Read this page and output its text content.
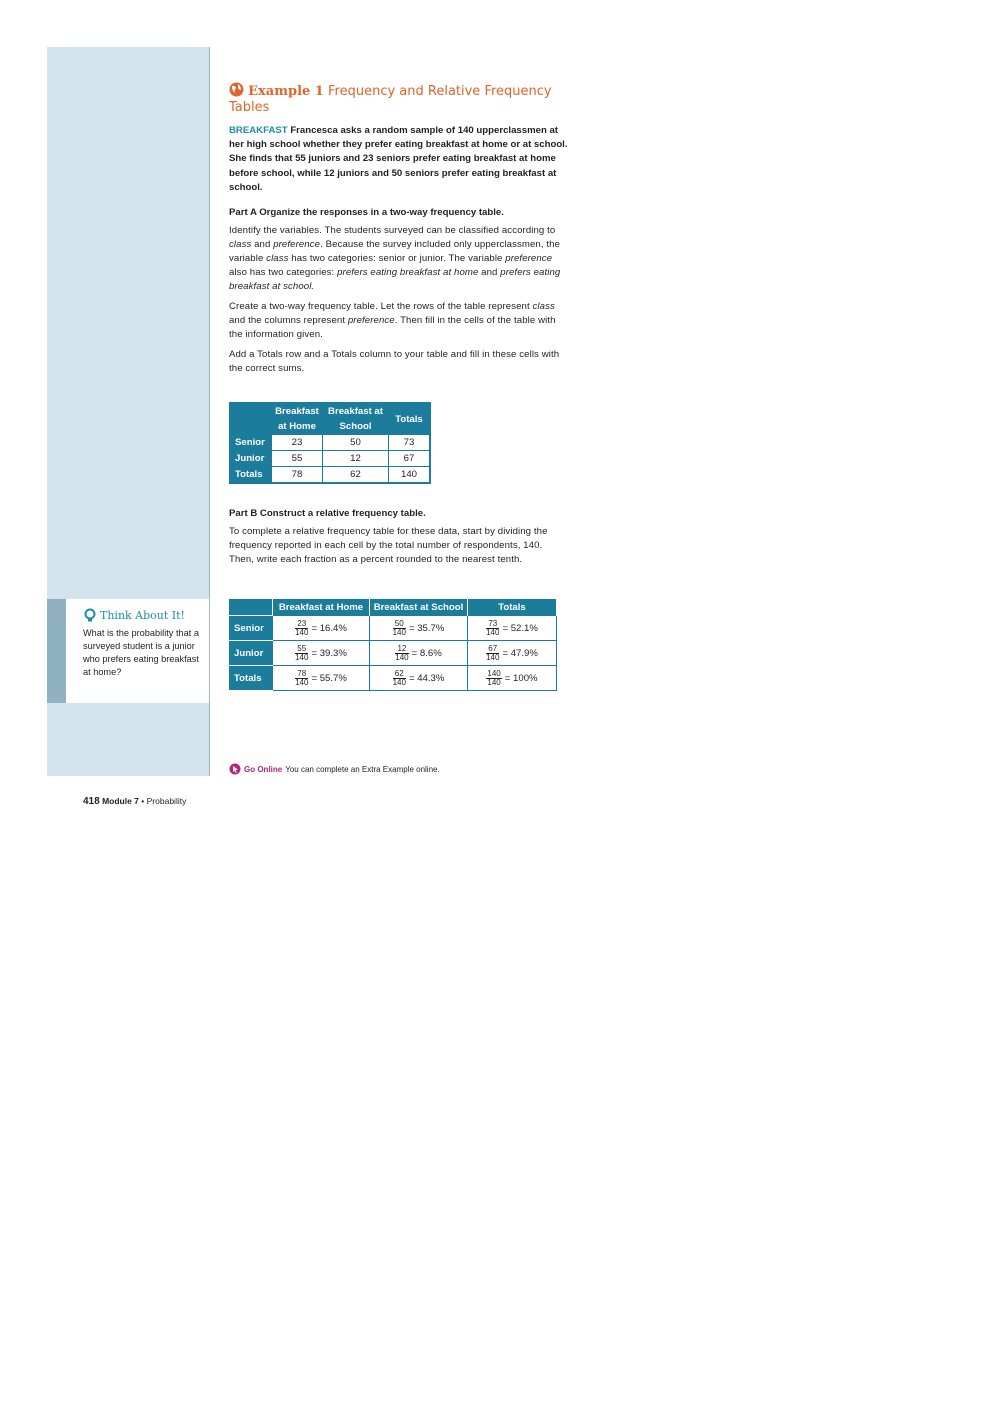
Think About It!
What is the probability that a surveyed student is a junior who prefers eating breakfast at home?
Example 1 Frequency and Relative Frequency Tables
BREAKFAST Francesca asks a random sample of 140 upperclassmen at her high school whether they prefer eating breakfast at home or at school. She finds that 55 juniors and 23 seniors prefer eating breakfast at home before school, while 12 juniors and 50 seniors prefer eating breakfast at school.
Part A Organize the responses in a two-way frequency table.

Identify the variables. The students surveyed can be classified according to class and preference. Because the survey included only upperclassmen, the variable class has two categories: senior or junior. The variable preference also has two categories: prefers eating breakfast at home and prefers eating breakfast at school.

Create a two-way frequency table. Let the rows of the table represent class and the columns represent preference. Then fill in the cells of the table with the information given.

Add a Totals row and a Totals column to your table and fill in these cells with the correct sums.

	Breakfast at Home	Breakfast at School	Totals
Senior	23	50	73
Junior	55	12	67
Totals	78	62	140
Part B Construct a relative frequency table.

To complete a relative frequency table for these data, start by dividing the frequency reported in each cell by the total number of respondents, 140. Then, write each fraction as a percent rounded to the nearest tenth.

	Breakfast at Home	Breakfast at School	Totals
Senior	$\frac{23}{140} = 16.4\%$	$\frac{50}{140} = 35.7\%$	$\frac{73}{140} = 52.1\%$
Junior	$\frac{55}{140} = 39.3\%$	$\frac{12}{140} = 8.6\%$	$\frac{67}{140} = 47.9\%$
Totals	$\frac{78}{140} = 55.7\%$	$\frac{62}{140} = 44.3\%$	$\frac{140}{140} = 100\%$
Go Online You can complete an Extra Example online.
418 Module 7 • Probability
